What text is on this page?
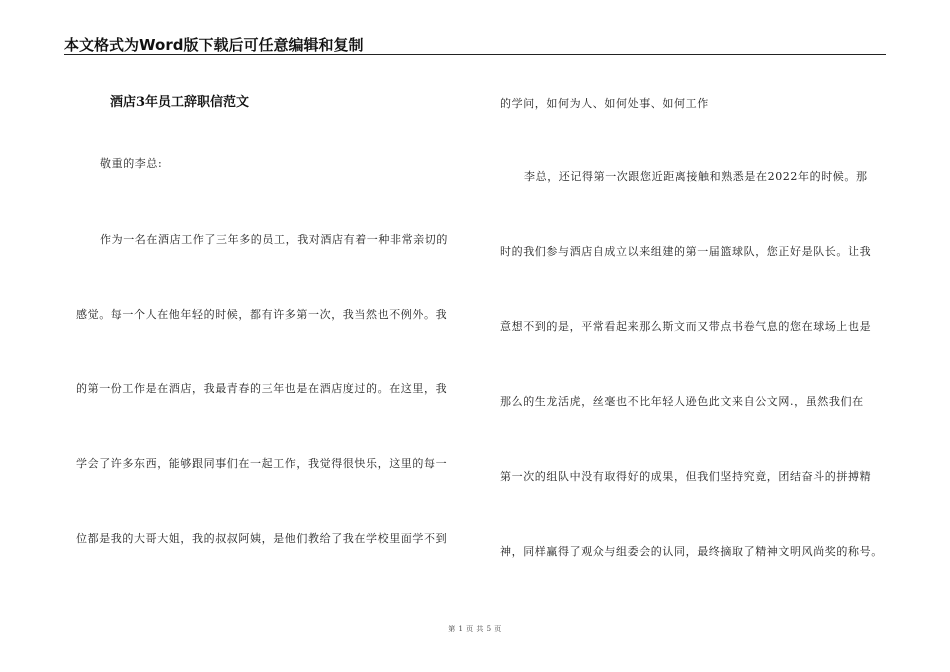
本文格式为Word版下载后可任意编辑和复制
酒店3年员工辞职信范文
敬重的李总:
作为一名在酒店工作了三年多的员工，我对酒店有着一种非常亲切的
感觉。每一个人在他年轻的时候，都有许多第一次，我当然也不例外。我
的第一份工作是在酒店，我最青春的三年也是在酒店度过的。在这里，我
学会了许多东西，能够跟同事们在一起工作，我觉得很快乐，这里的每一
位都是我的大哥大姐，我的叔叔阿姨，是他们教给了我在学校里面学不到
的学问，如何为人、如何处事、如何工作
李总，还记得第一次跟您近距离接触和熟悉是在2022年的时候。那
时的我们参与酒店自成立以来组建的第一届篮球队，您正好是队长。让我
意想不到的是，平常看起来那么斯文而又带点书卷气息的您在球场上也是
那么的生龙活虎，丝毫也不比年轻人逊色此文来自公文网.，虽然我们在
第一次的组队中没有取得好的成果，但我们坚持究竟，团结奋斗的拼搏精
神，同样赢得了观众与组委会的认同，最终摘取了精神文明风尚奖的称号。
第 1 页 共 5 页
